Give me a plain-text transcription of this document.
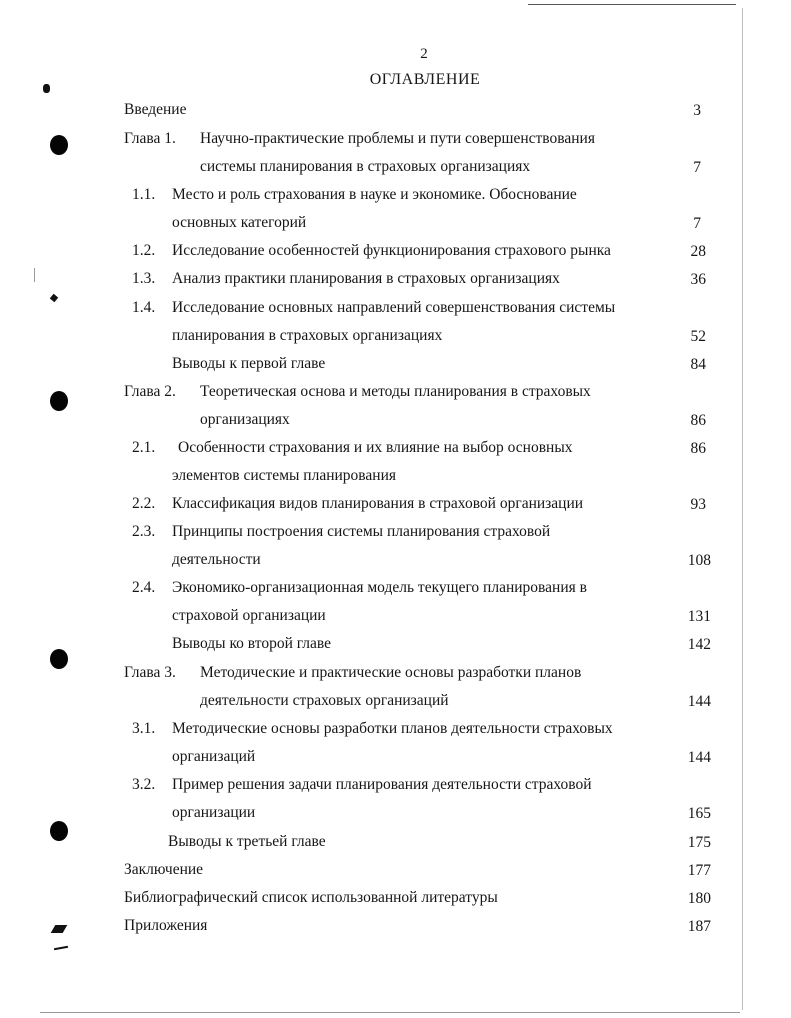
2
ОГЛАВЛЕНИЕ
Введение	3
Глава 1. Научно-практические проблемы и пути совершенствования
системы планирования в страховых организациях	7
1.1. Место и роль страхования в науке и экономике. Обоснование
основных категорий	7
1.2. Исследование особенностей функционирования страхового рынка	28
1.3. Анализ практики планирования в страховых организациях	36
1.4. Исследование основных направлений совершенствования системы
планирования в страховых организациях	52
Выводы к первой главе	84
Глава 2. Теоретическая основа и методы планирования в страховых
организациях	86
2.1. Особенности страхования и их влияние на выбор основных	86
элементов системы планирования
2.2. Классификация видов планирования в страховой организации	93
2.3. Принципы построения системы планирования страховой
деятельности	108
2.4. Экономико-организационная модель текущего планирования в
страховой организации	131
Выводы ко второй главе	142
Глава 3. Методические и практические основы разработки планов
деятельности страховых организаций	144
3.1. Методические основы разработки планов деятельности страховых
организаций	144
3.2. Пример решения задачи планирования деятельности страховой
организации	165
Выводы к третьей главе	175
Заключение	177
Библиографический список использованной литературы	180
Приложения	187
